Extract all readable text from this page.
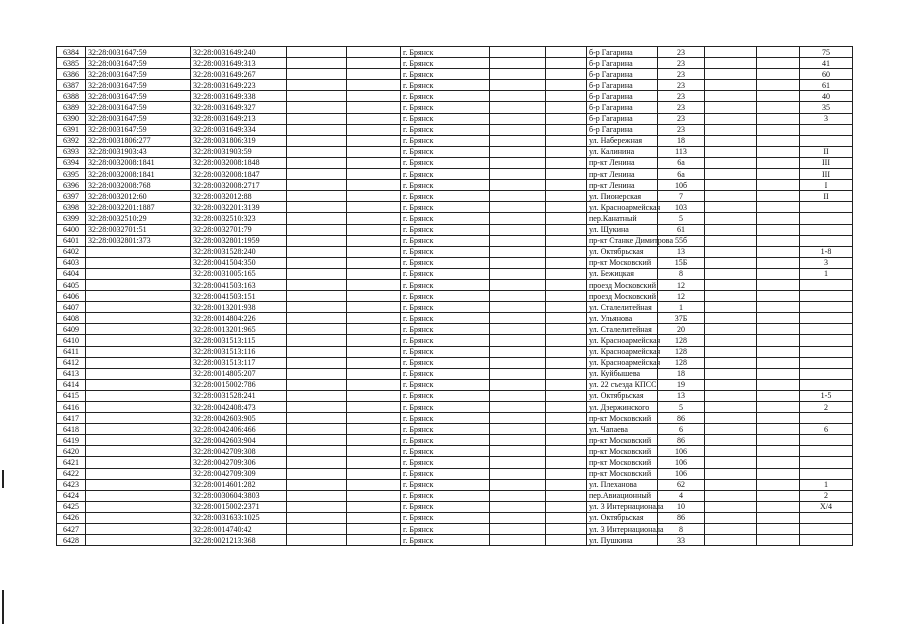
6384	32:28:0031647:59	32:28:0031649:240			г. Брянск			б-р Гагарина	23			75
6385	32:28:0031647:59	32:28:0031649:313			г. Брянск			б-р Гагарина	23			41
6386	32:28:0031647:59	32:28:0031649:267			г. Брянск			б-р Гагарина	23			60
6387	32:28:0031647:59	32:28:0031649:223			г. Брянск			б-р Гагарина	23			61
6388	32:28:0031647:59	32:28:0031649:338			г. Брянск			б-р Гагарина	23			40
6389	32:28:0031647:59	32:28:0031649:327			г. Брянск			б-р Гагарина	23			35
6390	32:28:0031647:59	32:28:0031649:213			г. Брянск			б-р Гагарина	23			3
6391	32:28:0031647:59	32:28:0031649:334			г. Брянск			б-р Гагарина	23			
6392	32:28:0031806:277	32:28:0031806:319			г. Брянск			ул. Набережная	18			
6393	32:28:0031903:43	32:28:0031903:59			г. Брянск			ул. Калинина	113			II
6394	32:28:0032008:1841	32:28:0032008:1848			г. Брянск			пр-кт Ленина	6а			III
6395	32:28:0032008:1841	32:28:0032008:1847			г. Брянск			пр-кт Ленина	6а			III
6396	32:28:0032008:768	32:28:0032008:2717			г. Брянск			пр-кт Ленина	10б			I
6397	32:28:0032012:60	32:28:0032012:88			г. Брянск			ул. Пионерская	7			II
6398	32:28:0032201:1887	32:28:0032201:3139			г. Брянск			ул. Красноармейская	103			
6399	32:28:0032510:29	32:28:0032510:323			г. Брянск			пер.Канатный	5			
6400	32:28:0032701:51	32:28:0032701:79			г. Брянск			ул. Щукина	61			
6401	32:28:0032801:373	32:28:0032801:1959			г. Брянск			пр-кт Станке Димитрова	55б			
6402		32:28:0031528:240			г. Брянск			ул. Октябрьская	13			1-8
6403		32:28:0041504:350			г. Брянск			пр-кт Московский	15Б			3
6404		32:28:0031005:165			г. Брянск			ул. Бежицкая	8			1
6405		32:28:0041503:163			г. Брянск			проезд Московский	12			
6406		32:28:0041503:151			г. Брянск			проезд Московский	12			
6407		32:28:0013201:938			г. Брянск			ул. Сталелитейная	1			
6408		32:28:0014804:226			г. Брянск			ул. Ульянова	37Б			
6409		32:28:0013201:965			г. Брянск			ул. Сталелитейная	20			
6410		32:28:0031513:115			г. Брянск			ул. Красноармейская	128			
6411		32:28:0031513:116			г. Брянск			ул. Красноармейская	128			
6412		32:28:0031513:117			г. Брянск			ул. Красноармейская	128			
6413		32:28:0014805:207			г. Брянск			ул. Куйбышева	18			
6414		32:28:0015002:786			г. Брянск			ул. 22 съезда КПСС	19			
6415		32:28:0031528:241			г. Брянск			ул. Октябрьская	13			1-5
6416		32:28:0042408:473			г. Брянск			ул. Дзержинского	5			2
6417		32:28:0042603:905			г. Брянск			пр-кт Московский	86			
6418		32:28:0042406:466			г. Брянск			ул. Чапаева	6			6
6419		32:28:0042603:904			г. Брянск			пр-кт Московский	86			
6420		32:28:0042709:308			г. Брянск			пр-кт Московский	106			
6421		32:28:0042709:306			г. Брянск			пр-кт Московский	106			
6422		32:28:0042709:309			г. Брянск			пр-кт Московский	106			
6423		32:28:0014601:282			г. Брянск			ул. Плеханова	62			1
6424		32:28:0030604:3803			г. Брянск			пер.Авиационный	4			2
6425		32:28:0015002:2371			г. Брянск			ул. 3 Интернационала	10			X/4
6426		32:28:0031633:1025			г. Брянск			ул. Октябрьская	86			
6427		32:28:0014740:42			г. Брянск			ул. 3 Интернационала	8			
6428		32:28:0021213:368			г. Брянск			ул. Пушкина	33			
